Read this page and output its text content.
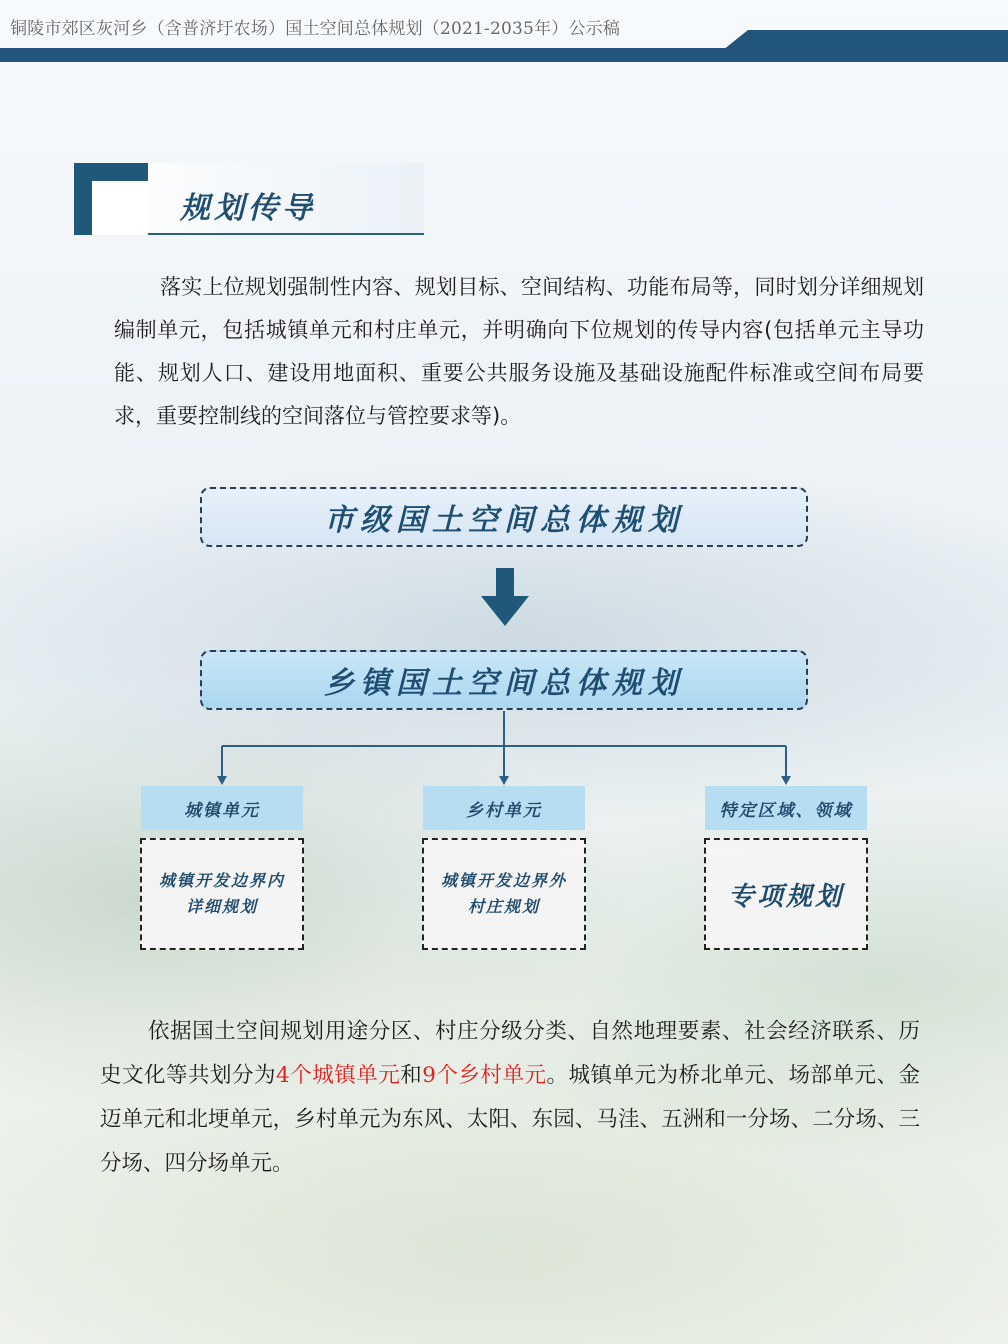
铜陵市郊区灰河乡（含普济圩农场）国土空间总体规划（2021-2035年）公示稿
规划传导

落实上位规划强制性内容、规划目标、空间结构、功能布局等，同时划分详细规划编制单元，包括城镇单元和村庄单元，并明确向下位规划的传导内容(包括单元主导功能、规划人口、建设用地面积、重要公共服务设施及基础设施配件标准或空间布局要求，重要控制线的空间落位与管控要求等)。

市级国土空间总体规划
乡镇国土空间总体规划
城镇单元	乡村单元	特定区域、领域
城镇开发边界内详细规划
城镇开发边界外村庄规划	专项规划

依据国土空间规划用途分区、村庄分级分类、自然地理要素、社会经济联系、历史文化等共划分为4个城镇单元和9个乡村单元。城镇单元为桥北单元、场部单元、金迈单元和北埂单元，乡村单元为东风、太阳、东园、马洼、五洲和一分场、二分场、三分场、四分场单元。
